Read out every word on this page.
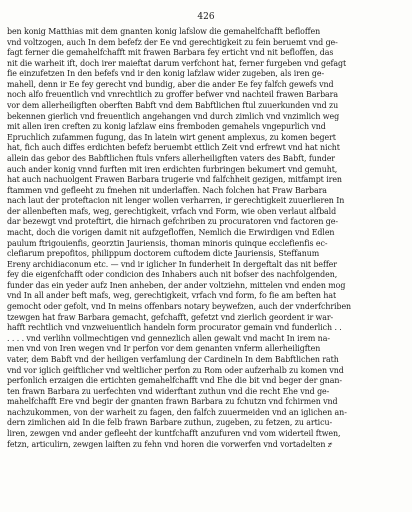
426
ben konig Matthias mit dem gnanten konig lafslow die gemahelfchafft befloffen
vnd voltzogen, auch In dem befefz der Ee vnd gerechtigkeit zu fein beruemt vnd ge-
fagt ferner die gemahelfchafft mit frawen Barbara fey erticht vnd nit befloffen, das
nit die warheit ift, doch irer maieftat darum verfchont hat, ferner furgeben vnd gefagt
fie einzufetzen In den befefs vnd ir den konig lafzlaw wider zugeben, als iren ge-
mahell, denn ir Ee fey gerecht vnd bundig, aber die ander Ee fey falfch gewefs vnd
noch alfo freuentlich vnd vnrechtlich zu groffer befwer vnd nachteil frawen Barbara
vor dem allerheiligften oberften Babft vnd dem Babftlichen ftul zuuerkunden vnd zu
bekennen gierlich vnd freuentlich angehangen vnd durch zimlich vnd vnzimlich weg
mit allen iren creften zu konig lafzlaw eins fremboden gemahels vngepurlich vnd
Epruchlich zufammen fugung, das In latein wirt genent amplexus, zu komen begert
hat, fich auch diffes erdichten befefz beruembt ettlich Zeit vnd erfrewt vnd hat nicht
allein das gebor des Babftlichen ftuls vnfers allerheiligften vaters des Babft, funder
auch ander konig vnnd furften mit iren erdichten furbringen bekumert vnd gemuht,
hat auch nachuolgent Frawen Barbara trugerie vnd falfchheit gezigen, mitfampt iren
ftammen vnd gefleeht zu fmehen nit underlaffen. Nach folchen hat Fraw Barbara
nach laut der proteftacion nit lenger wollen verharren, ir gerechtigkeit zuuerlieren In
der allenbeften mafs, weg, gerechtigkeit, vrfach vnd Form, wie oben verlaut alfbald
dar bezewgt vnd proteftirt, die hirnach gefchriben zu procuratoren vnd factoren ge-
macht, doch die vorigen damit nit aufzgefloffen, Nemlich die Erwirdigen vnd Edlen
paulum ftrigouienfis, georztin Jauriensis, thoman minoris quinque ecclefienfis ec-
clefiarum prepofitos, philippum doctorem cuftodem dicte Jauriensis, Steffanum
Ereny archidiaconum etc. — vnd ir iglicher In funderheit In dergeftalt das nit beffer
fey die eigenfchafft oder condicion des Inhabers auch nit bofser des nachfolgenden,
funder das ein yeder aufz Inen anheben, der ander voltziehn, mittelen vnd enden mog
vnd In all ander beft mafs, weg, gerechtigkeit, vrfach vnd form, fo fie am beften hat
gemocht oder gefolt, vnd In meins offenbars notary beywefzen, auch der vnderfchriben
tzewgen hat fraw Barbara gemacht, gefchafft, gefetzt vnd zierlich geordent ir war-
hafft rechtlich vnd vnzweiuentlich handeln form procurator gemain vnd funderlich . .
. . . . vnd verlihn vollmechtigen vnd gennezlich allen gewalt vnd macht In irem na-
men vnd von Iren wegen vnd Ir perfon vor dem genanten vnferm allerheiligften
vater, dem Babft vnd der heiligen verfamlung der Cardineln In dem Babftlichen rath
vnd vor iglich geiftlicher vnd weltlicher perfon zu Rom oder aufzerhalb zu komen vnd
perfonlich erzaigen die ertichten gemahelfchafft vnd Ehe die bit vnd beger der gnan-
ten frawn Barbara zu uerfechten vnd widerftant zuthun vnd die recht Ehe vnd ge-
mahelfchafft Ere vnd begir der gnanten frawn Barbara zu fchutzn vnd fchirmen vnd
nachzukommen, von der warheit zu fagen, den falfch zuuermeiden vnd an iglichen an-
dern zimlichen aid In die felb frawn Barbare zuthun, zugeben, zu fetzen, zu articu-
liren, zewgen vnd ander gefleeht der kuntfchafft anzufuren vnd vom widerteil ftwen,
fetzn, articulirn, zewgen laiften zu fehn vnd horen die vorwerfen vnd vortadelten zͤ
